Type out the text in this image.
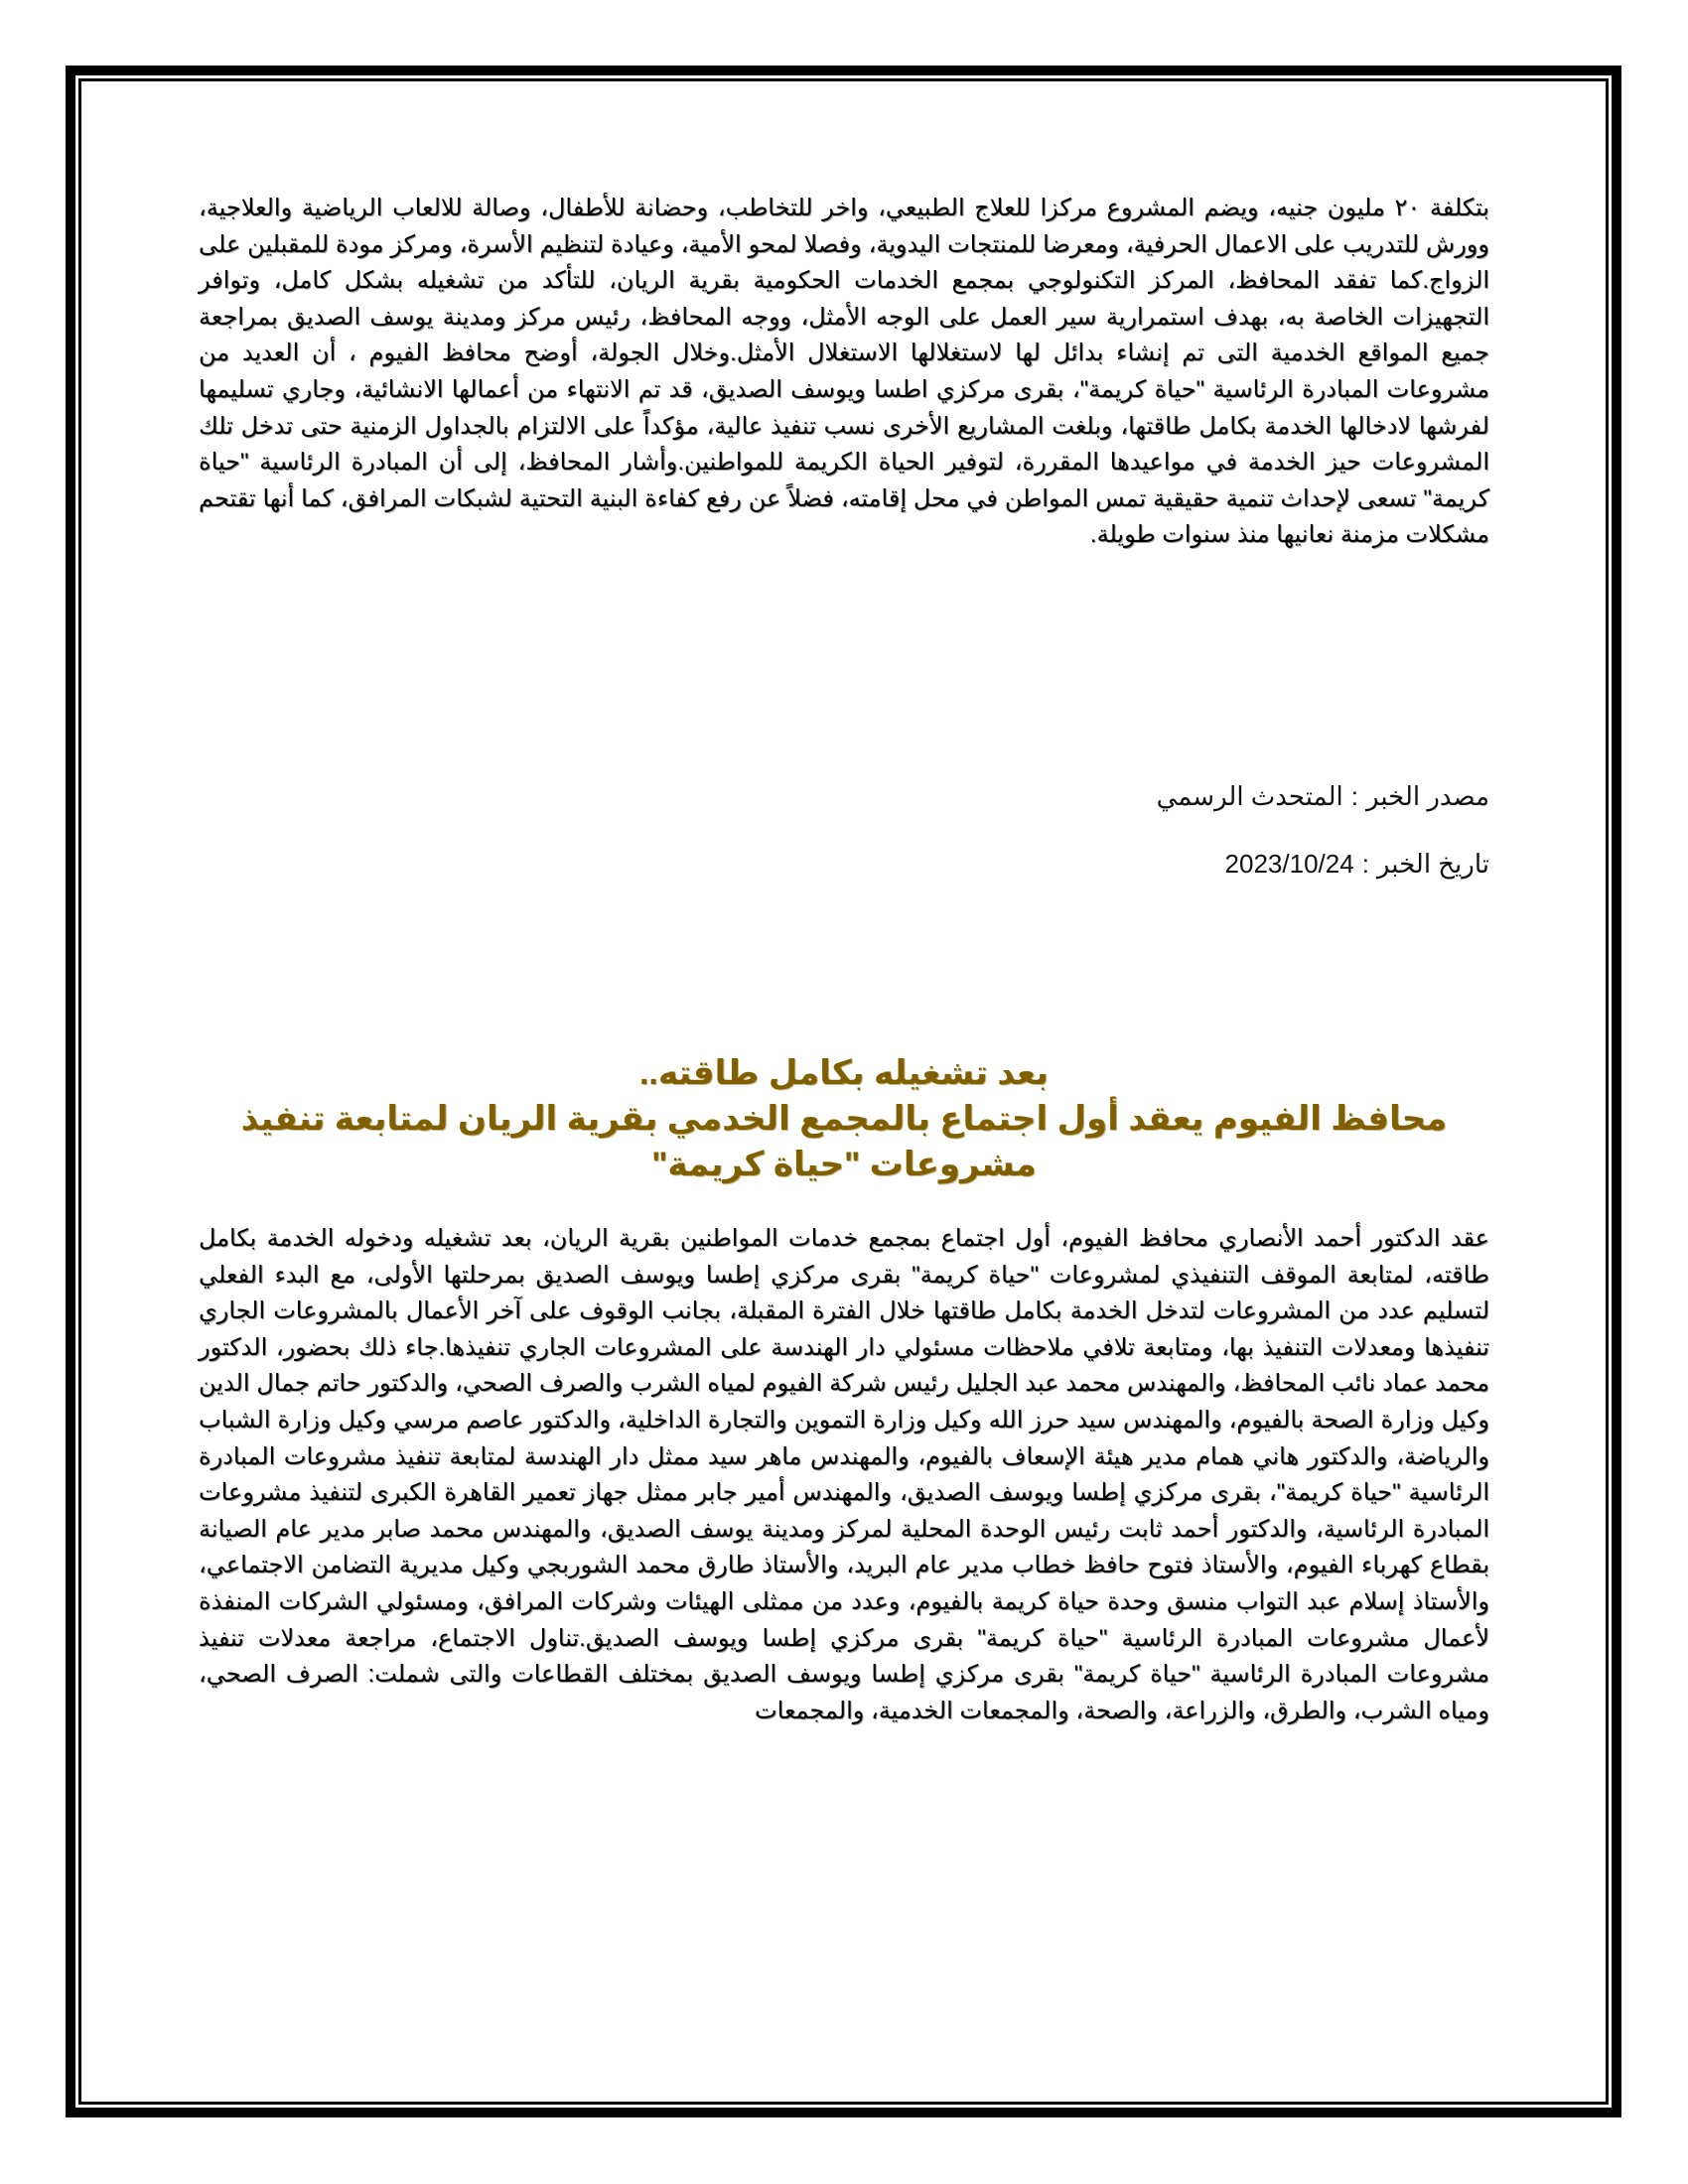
بتكلفة ٢٠ مليون جنيه، ويضم المشروع مركزا للعلاج الطبيعي، واخر للتخاطب، وحضانة للأطفال، وصالة للالعاب الرياضية والعلاجية، وورش للتدريب على الاعمال الحرفية، ومعرضا للمنتجات اليدوية، وفصلا لمحو الأمية، وعيادة لتنظيم الأسرة، ومركز مودة للمقبلين على الزواج.كما تفقد المحافظ، المركز التكنولوجي بمجمع الخدمات الحكومية بقرية الريان، للتأكد من تشغيله بشكل كامل، وتوافر التجهيزات الخاصة به، بهدف استمرارية سير العمل على الوجه الأمثل، ووجه المحافظ، رئيس مركز ومدينة يوسف الصديق بمراجعة جميع المواقع الخدمية التى تم إنشاء بدائل لها لاستغلالها الاستغلال الأمثل.وخلال الجولة، أوضح محافظ الفيوم ، أن العديد من مشروعات المبادرة الرئاسية "حياة كريمة"، بقرى مركزي اطسا ويوسف الصديق، قد تم الانتهاء من أعمالها الانشائية، وجاري تسليمها لفرشها لادخالها الخدمة بكامل طاقتها، وبلغت المشاريع الأخرى نسب تنفيذ عالية، مؤكداً على الالتزام بالجداول الزمنية حتى تدخل تلك المشروعات حيز الخدمة في مواعيدها المقررة، لتوفير الحياة الكريمة للمواطنين.وأشار المحافظ، إلى أن المبادرة الرئاسية "حياة كريمة" تسعى لإحداث تنمية حقيقية تمس المواطن في محل إقامته، فضلاً عن رفع كفاءة البنية التحتية لشبكات المرافق، كما أنها تقتحم مشكلات مزمنة نعانيها منذ سنوات طويلة.

مصدر الخبر:المتحدث الرسمي
تاريخ الخبر:2023/10/24
بعد تشغيله بكامل طاقته..
محافظ الفيوم يعقد أول اجتماع بالمجمع الخدمي بقرية الريان لمتابعة تنفيذ
مشروعات "حياة كريمة"

عقد الدكتور أحمد الأنصاري محافظ الفيوم، أول اجتماع بمجمع خدمات المواطنين بقرية الريان، بعد تشغيله ودخوله الخدمة بكامل طاقته، لمتابعة الموقف التنفيذي لمشروعات "حياة كريمة" بقرى مركزي إطسا ويوسف الصديق بمرحلتها الأولى، مع البدء الفعلي لتسليم عدد من المشروعات لتدخل الخدمة بكامل طاقتها خلال الفترة المقبلة، بجانب الوقوف على آخر الأعمال بالمشروعات الجاري تنفيذها ومعدلات التنفيذ بها، ومتابعة تلافي ملاحظات مسئولي دار الهندسة على المشروعات الجاري تنفيذها.جاء ذلك بحضور، الدكتور محمد عماد نائب المحافظ، والمهندس محمد عبد الجليل رئيس شركة الفيوم لمياه الشرب والصرف الصحي، والدكتور حاتم جمال الدين وكيل وزارة الصحة بالفيوم، والمهندس سيد حرز الله وكيل وزارة التموين والتجارة الداخلية، والدكتور عاصم مرسي وكيل وزارة الشباب والرياضة، والدكتور هاني همام مدير هيئة الإسعاف بالفيوم، والمهندس ماهر سيد ممثل دار الهندسة لمتابعة تنفيذ مشروعات المبادرة الرئاسية "حياة كريمة"، بقرى مركزي إطسا ويوسف الصديق، والمهندس أمير جابر ممثل جهاز تعمير القاهرة الكبرى لتنفيذ مشروعات المبادرة الرئاسية، والدكتور أحمد ثابت رئيس الوحدة المحلية لمركز ومدينة يوسف الصديق، والمهندس محمد صابر مدير عام الصيانة بقطاع كهرباء الفيوم، والأستاذ فتوح حافظ خطاب مدير عام البريد، والأستاذ طارق محمد الشوربجي وكيل مديرية التضامن الاجتماعي، والأستاذ إسلام عبد التواب منسق وحدة حياة كريمة بالفيوم، وعدد من ممثلى الهيئات وشركات المرافق، ومسئولي الشركات المنفذة لأعمال مشروعات المبادرة الرئاسية "حياة كريمة" بقرى مركزي إطسا ويوسف الصديق.تناول الاجتماع، مراجعة معدلات تنفيذ مشروعات المبادرة الرئاسية "حياة كريمة" بقرى مركزي إطسا ويوسف الصديق بمختلف القطاعات والتى شملت: الصرف الصحي، ومياه الشرب، والطرق، والزراعة، والصحة، والمجمعات الخدمية، والمجمعات
